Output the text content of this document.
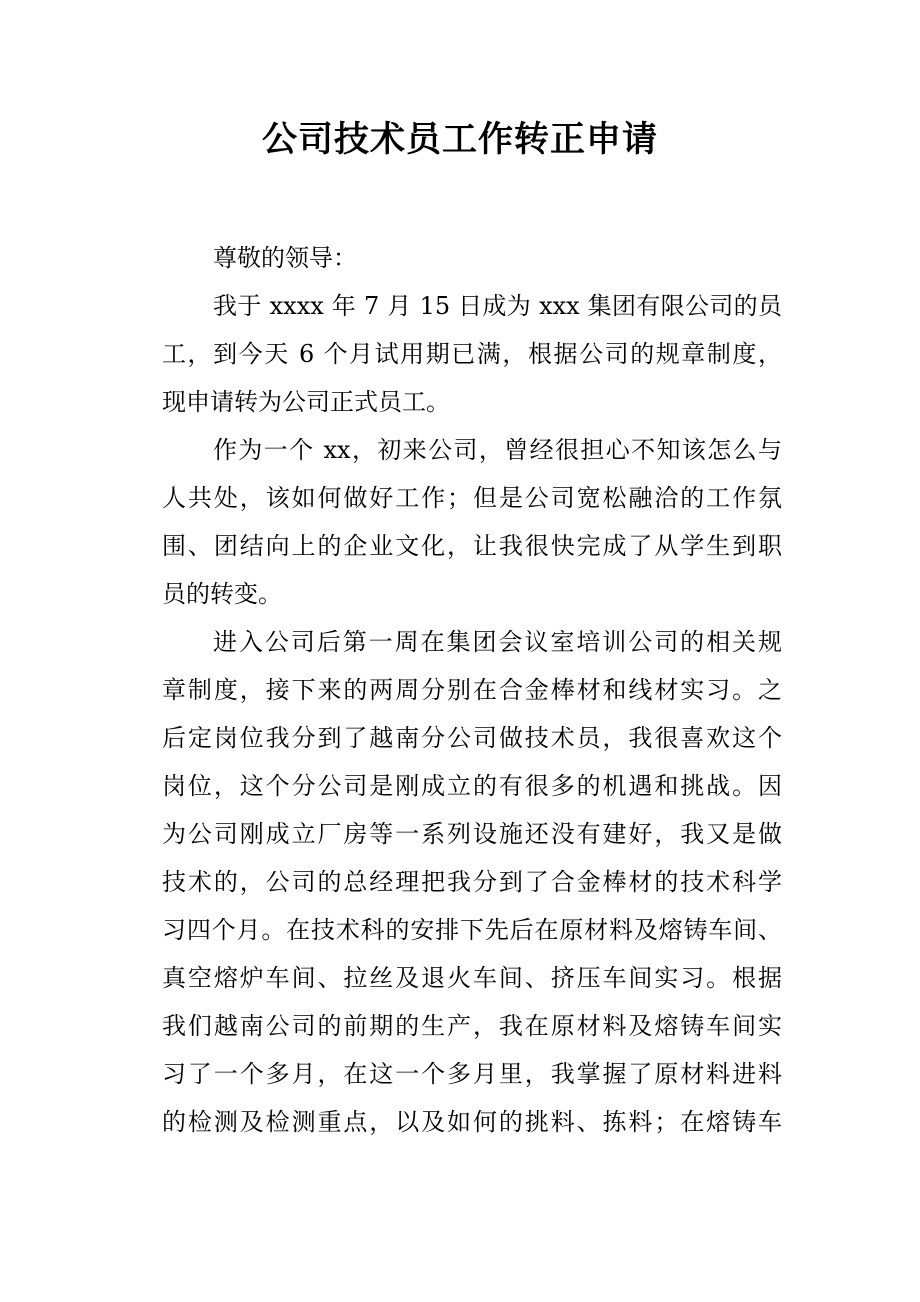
公司技术员工作转正申请
尊敬的领导：
我于 xxxx 年 7 月 15 日成为 xxx 集团有限公司的员
工，到今天 6 个月试用期已满，根据公司的规章制度，
现申请转为公司正式员工。
作为一个 xx，初来公司，曾经很担心不知该怎么与
人共处，该如何做好工作；但是公司宽松融洽的工作氛
围、团结向上的企业文化，让我很快完成了从学生到职
员的转变。
进入公司后第一周在集团会议室培训公司的相关规
章制度，接下来的两周分别在合金棒材和线材实习。之
后定岗位我分到了越南分公司做技术员，我很喜欢这个
岗位，这个分公司是刚成立的有很多的机遇和挑战。因
为公司刚成立厂房等一系列设施还没有建好，我又是做
技术的，公司的总经理把我分到了合金棒材的技术科学
习四个月。在技术科的安排下先后在原材料及熔铸车间、
真空熔炉车间、拉丝及退火车间、挤压车间实习。根据
我们越南公司的前期的生产，我在原材料及熔铸车间实
习了一个多月，在这一个多月里，我掌握了原材料进料
的检测及检测重点，以及如何的挑料、拣料；在熔铸车
